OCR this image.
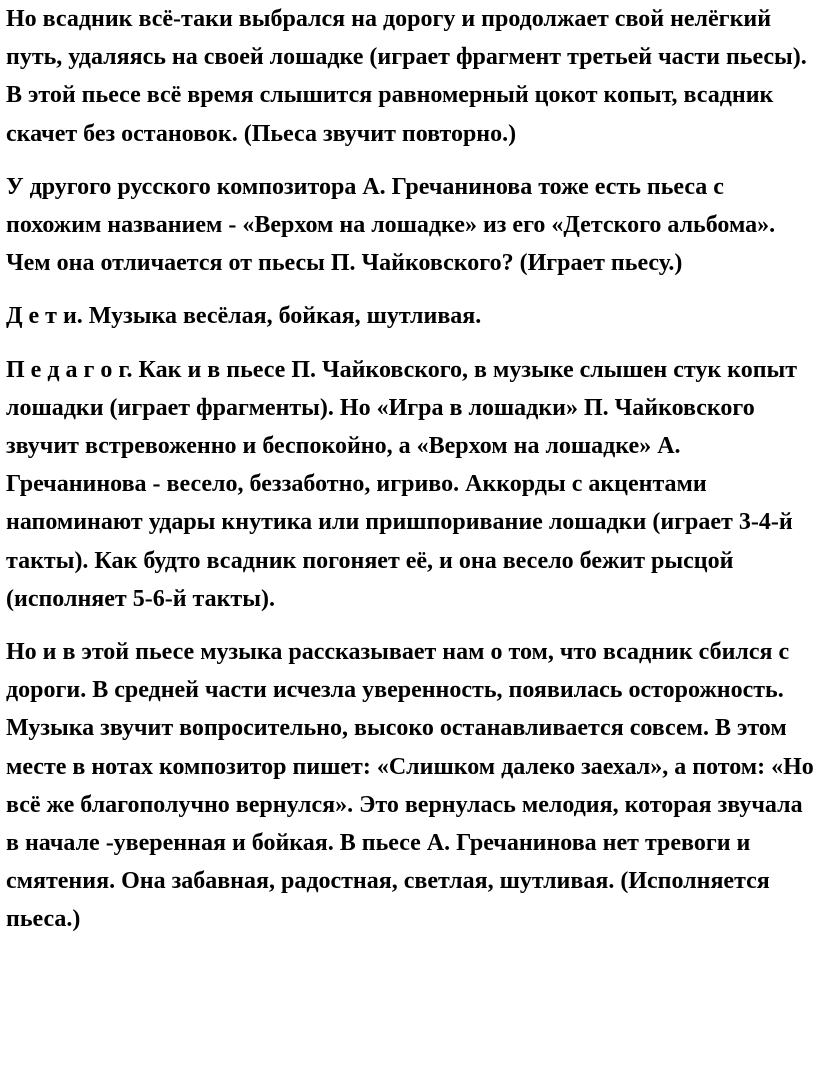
Но всадник всё-таки выбрался на дорогу и продолжает свой нелёгкий путь, удаляясь на своей лошадке (играет фрагмент третьей части пьесы). В этой пьесе всё время слышится равномерный цокот копыт, всадник скачет без остановок. (Пьеса звучит повторно.)

У другого русского композитора А. Гречанинова тоже есть пьеса с похожим названием - «Верхом на лошадке» из его «Детского альбома». Чем она отличается от пьесы П. Чайковского? (Играет пьесу.)

Д е т и. Музыка весёлая, бойкая, шутливая.

П е д а г о г. Как и в пьесе П. Чайковского, в музыке слышен стук копыт лошадки (играет фрагменты). Но «Игра в лошадки» П. Чайковского звучит встревоженно и беспокойно, а «Верхом на лошадке» А. Гречанинова - весело, беззаботно, игриво. Аккорды с акцентами напоминают удары кнутика или пришпоривание лошадки (играет 3-4-й такты). Как будто всадник погоняет её, и она весело бежит рысцой (исполняет 5-6-й такты).

Но и в этой пьесе музыка рассказывает нам о том, что всадник сбился с дороги. В средней части исчезла уверенность, появилась осторожность. Музыка звучит вопросительно, высоко останавливается совсем. В этом месте в нотах композитор пишет: «Слишком далеко заехал», а потом: «Но всё же благополучно вернулся». Это вернулась мелодия, которая звучала в начале -уверенная и бойкая. В пьесе А. Гречанинова нет тревоги и смятения. Она забавная, радостная, светлая, шутливая. (Исполняется пьеса.)
